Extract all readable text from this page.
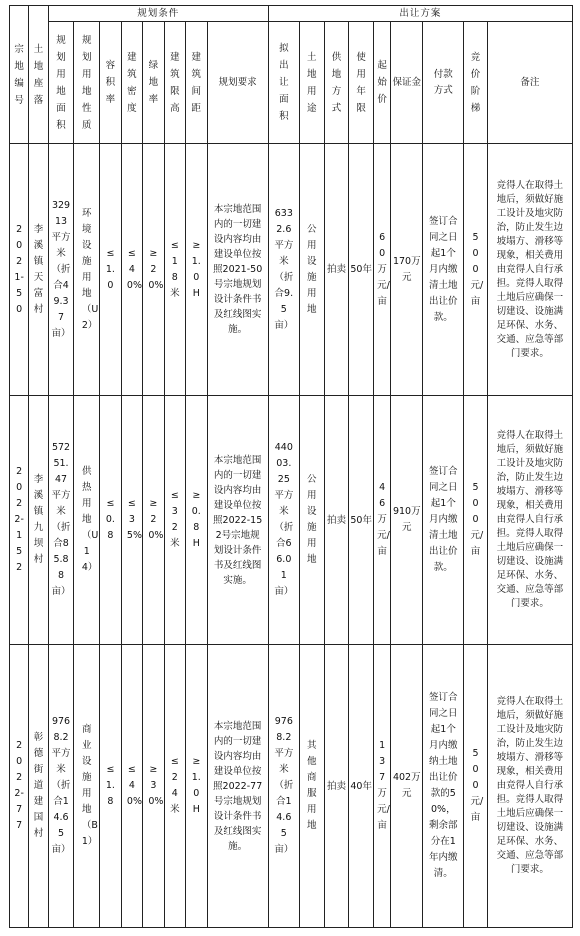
宗地编号	土地座落	规划条件								出让方案								
		规划用地面积	规划用地性质	容积率	建筑密度	绿地率	建筑限高	建筑间距	规划要求	拟出让面积	土地用途	供地方式	使用年限	起始价	保证金	付款方式	竞价阶梯	备注
2021-50	李溪镇天富村	32913平方米（折合49.37亩）	环境设施用地（U2）	≤1.0	≤40%	≥20%	≤18米	≥1.0H	本宗地范围内的一切建设内容均由建设单位按照2021-50号宗地规划设计条件书及红线图实施。	6332.6平方米（折合9.5亩）	公用设施用地	拍卖	50年	60万元/亩	170万元	签订合同之日起1个月内缴清土地出让价款。	500元/亩	竞得人在取得土地后，须做好施工设计及地灾防治，防止发生边坡塌方、滑移等现象，相关费用由竞得人自行承担。竞得人取得土地后应确保一切建设、设施满足环保、水务、交通、应急等部门要求。
2022-152	李溪镇九坝村	57251.47平方米（折合85.88亩）	供热用地（U14）	≤0.8	≤35%	≥20%	≤32米	≥0.8H	本宗地范围内的一切建设内容均由建设单位按照2022-152号宗地规划设计条件书及红线图实施。	44003.25平方米（折合66.01亩）	公用设施用地	拍卖	50年	46万元/亩	910万元	签订合同之日起1个月内缴清土地出让价款。	500元/亩	竞得人在取得土地后，须做好施工设计及地灾防治，防止发生边坡塌方、滑移等现象，相关费用由竞得人自行承担。竞得人取得土地后应确保一切建设、设施满足环保、水务、交通、应急等部门要求。
2022-77	彰德街道建国村	9768.2平方米（折合14.65亩）	商业设施用地（B1）	≤1.8	≤40%	≥30%	≤24米	≥1.0H	本宗地范围内的一切建设内容均由建设单位按照2022-77号宗地规划设计条件书及红线图实施。	9768.2平方米（折合14.65亩）	其他商服用地	拍卖	40年	137万元/亩	402万元	签订合同之日起1个月内缴纳土地出让价款的50%，剩余部分在1年内缴清。	500元/亩	竞得人在取得土地后，须做好施工设计及地灾防治，防止发生边坡塌方、滑移等现象，相关费用由竞得人自行承担。竞得人取得土地后应确保一切建设、设施满足环保、水务、交通、应急等部门要求。
